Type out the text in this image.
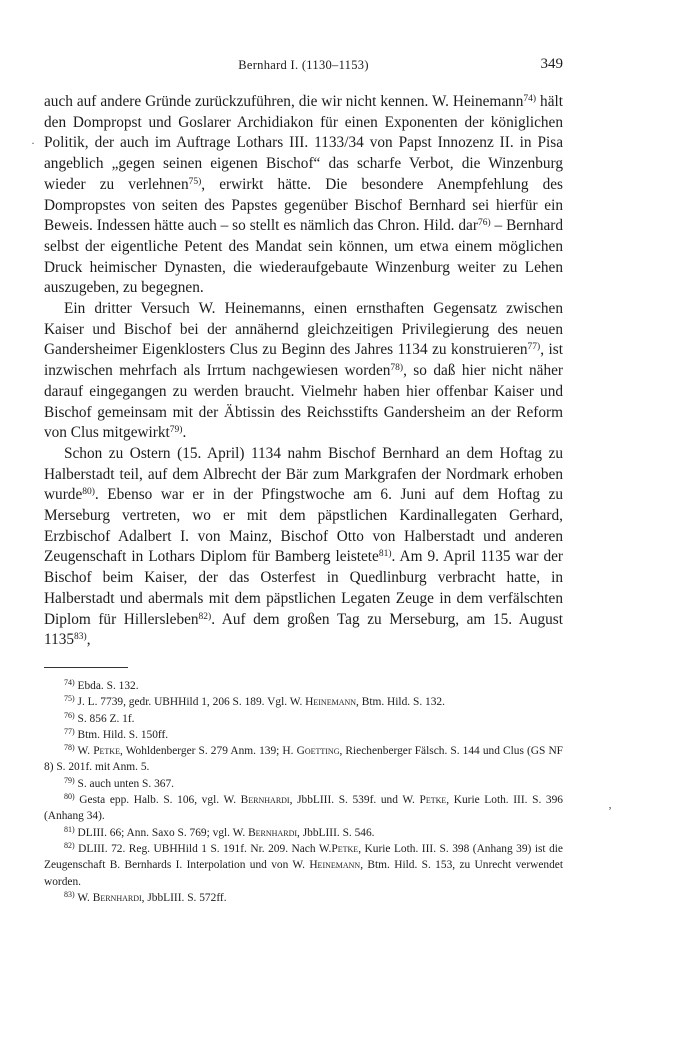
Bernhard I. (1130–1153)	349

auch auf andere Gründe zurückzuführen, die wir nicht kennen. W. Heinemann$^{74)}$ hält den Dompropst und Goslarer Archidiakon für einen Exponenten der königlichen Politik, der auch im Auftrage Lothars III. 1133/34 von Papst Innozenz II. in Pisa angeblich „gegen seinen eigenen Bischof“ das scharfe Verbot, die Winzenburg wieder zu verlehnen$^{75)}$, erwirkt hätte. Die besondere Anempfehlung des Dompropstes von seiten des Papstes gegenüber Bischof Bernhard sei hierfür ein Beweis. Indessen hätte auch – so stellt es nämlich das Chron. Hild. dar$^{76)}$ – Bernhard selbst der eigentliche Petent des Mandat sein können, um etwa einem möglichen Druck heimischer Dynasten, die wiederaufgebaute Winzenburg weiter zu Lehen auszugeben, zu begegnen.

Ein dritter Versuch W. Heinemanns, einen ernsthaften Gegensatz zwischen Kaiser und Bischof bei der annähernd gleichzeitigen Privilegierung des neuen Gandersheimer Eigenklosters Clus zu Beginn des Jahres 1134 zu konstruieren$^{77)}$, ist inzwischen mehrfach als Irrtum nachgewiesen worden$^{78)}$, so daß hier nicht näher darauf eingegangen zu werden braucht. Vielmehr haben hier offenbar Kaiser und Bischof gemeinsam mit der Äbtissin des Reichsstifts Gandersheim an der Reform von Clus mitgewirkt$^{79)}$.

Schon zu Ostern (15. April) 1134 nahm Bischof Bernhard an dem Hoftag zu Halberstadt teil, auf dem Albrecht der Bär zum Markgrafen der Nordmark erhoben wurde$^{80)}$. Ebenso war er in der Pfingstwoche am 6. Juni auf dem Hoftag zu Merseburg vertreten, wo er mit dem päpstlichen Kardinallegaten Gerhard, Erzbischof Adalbert I. von Mainz, Bischof Otto von Halberstadt und anderen Zeugenschaft in Lothars Diplom für Bamberg leistete$^{81)}$. Am 9. April 1135 war der Bischof beim Kaiser, der das Osterfest in Quedlinburg verbracht hatte, in Halberstadt und abermals mit dem päpstlichen Legaten Zeuge in dem verfälschten Diplom für Hillersleben$^{82)}$. Auf dem großen Tag zu Merseburg, am 15. August 1135$^{83)}$,

$^{74)}$ Ebda. S. 132.

$^{75)}$ J. L. 7739, gedr. UBHHild 1, 206 S. 189. Vgl. W. Heinemann, Btm. Hild. S. 132.

$^{76)}$ S. 856 Z. 1f.

$^{77)}$ Btm. Hild. S. 150ff.

$^{78)}$ W. Petke, Wohldenberger S. 279 Anm. 139; H. Goetting, Riechenberger Fälsch. S. 144 und Clus (GS NF 8) S. 201f. mit Anm. 5.

$^{79)}$ S. auch unten S. 367.

$^{80)}$ Gesta epp. Halb. S. 106, vgl. W. Bernhardi, JbbLIII. S. 539f. und W. Petke, Kurie Loth. III. S. 396 (Anhang 34).

$^{81)}$ DLIII. 66; Ann. Saxo S. 769; vgl. W. Bernhardi, JbbLIII. S. 546.

$^{82)}$ DLIII. 72. Reg. UBHHild 1 S. 191f. Nr. 209. Nach W.Petke, Kurie Loth. III. S. 398 (Anhang 39) ist die Zeugenschaft B. Bernhards I. Interpolation und von W. Heinemann, Btm. Hild. S. 153, zu Unrecht verwendet worden.

$^{83)}$ W. Bernhardi, JbbLIII. S. 572ff.

·
‚
